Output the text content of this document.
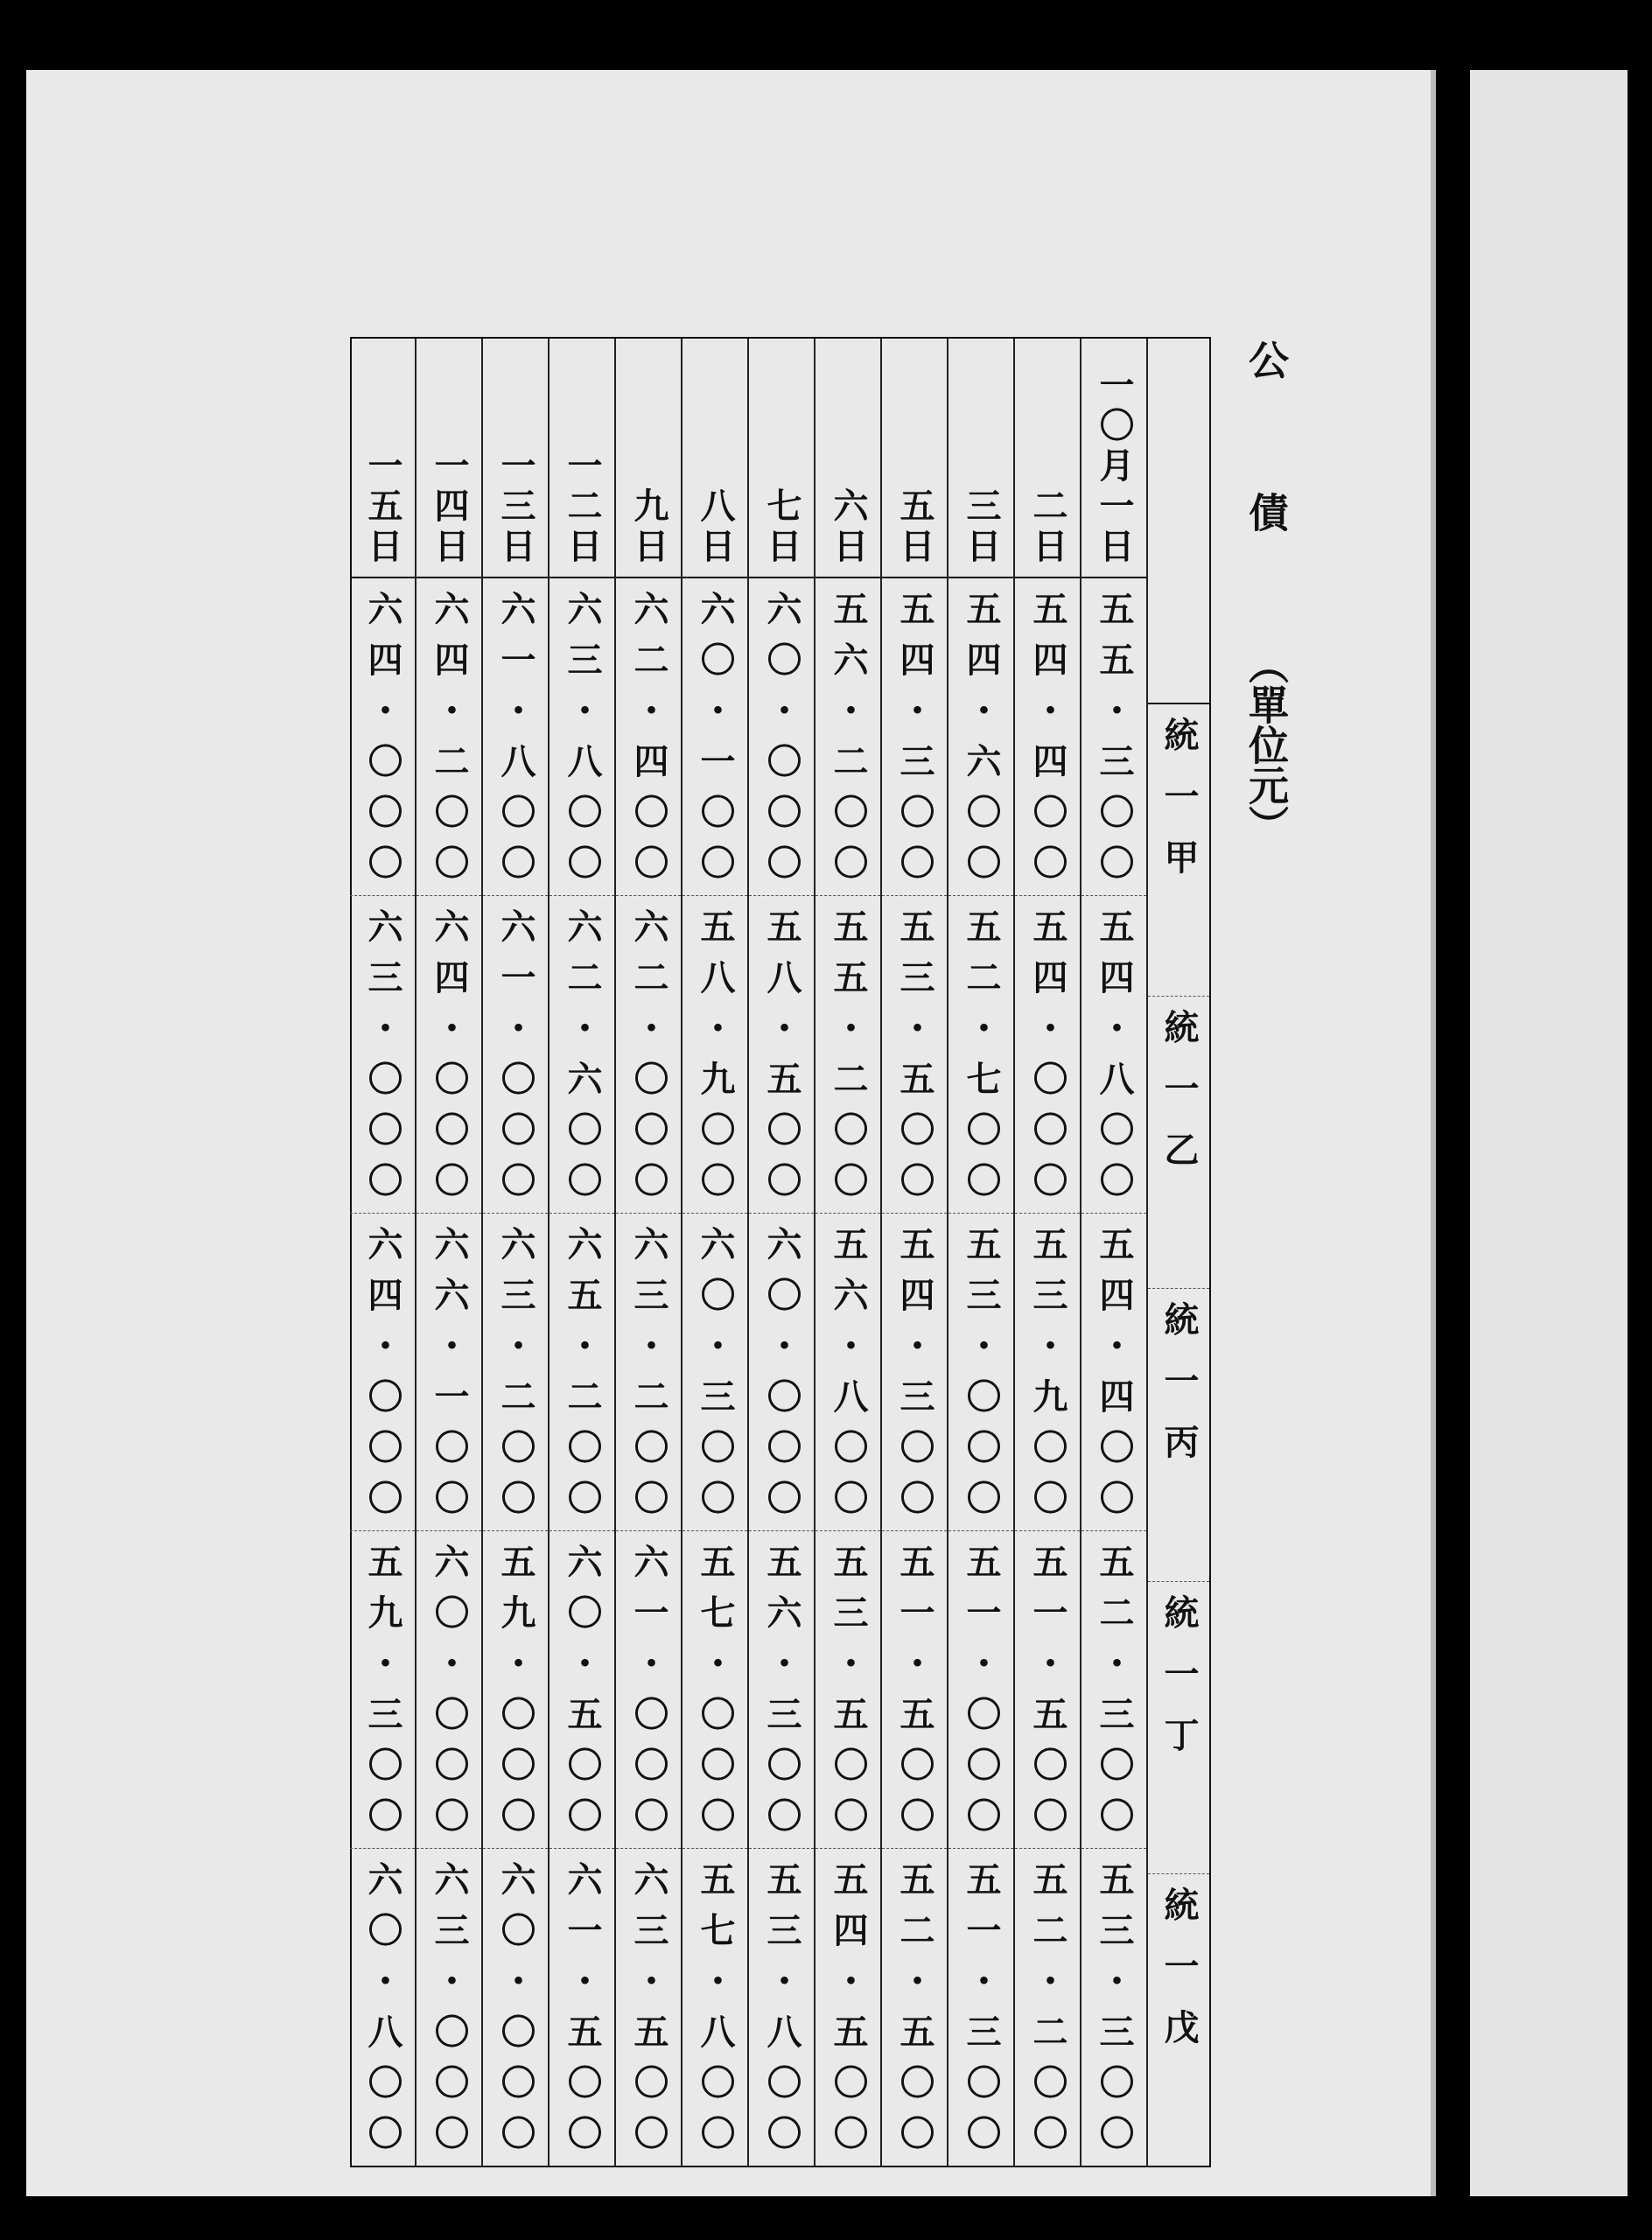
公債
（單位元）
統一甲
統一乙
統一丙
統一丁
統一戊
一〇月一日
五五・三〇〇
五四・八〇〇
五四・四〇〇
五二・三〇〇
五三・三〇〇
二日
五四・四〇〇
五四・〇〇〇
五三・九〇〇
五一・五〇〇
五二・二〇〇
三日
五四・六〇〇
五二・七〇〇
五三・〇〇〇
五一・〇〇〇
五一・三〇〇
五日
五四・三〇〇
五三・五〇〇
五四・三〇〇
五一・五〇〇
五二・五〇〇
六日
五六・二〇〇
五五・二〇〇
五六・八〇〇
五三・五〇〇
五四・五〇〇
七日
六〇・〇〇〇
五八・五〇〇
六〇・〇〇〇
五六・三〇〇
五三・八〇〇
八日
六〇・一〇〇
五八・九〇〇
六〇・三〇〇
五七・〇〇〇
五七・八〇〇
九日
六二・四〇〇
六二・〇〇〇
六三・二〇〇
六一・〇〇〇
六三・五〇〇
一二日
六三・八〇〇
六二・六〇〇
六五・二〇〇
六〇・五〇〇
六一・五〇〇
一三日
六一・八〇〇
六一・〇〇〇
六三・二〇〇
五九・〇〇〇
六〇・〇〇〇
一四日
六四・二〇〇
六四・〇〇〇
六六・一〇〇
六〇・〇〇〇
六三・〇〇〇
一五日
六四・〇〇〇
六三・〇〇〇
六四・〇〇〇
五九・三〇〇
六〇・八〇〇
